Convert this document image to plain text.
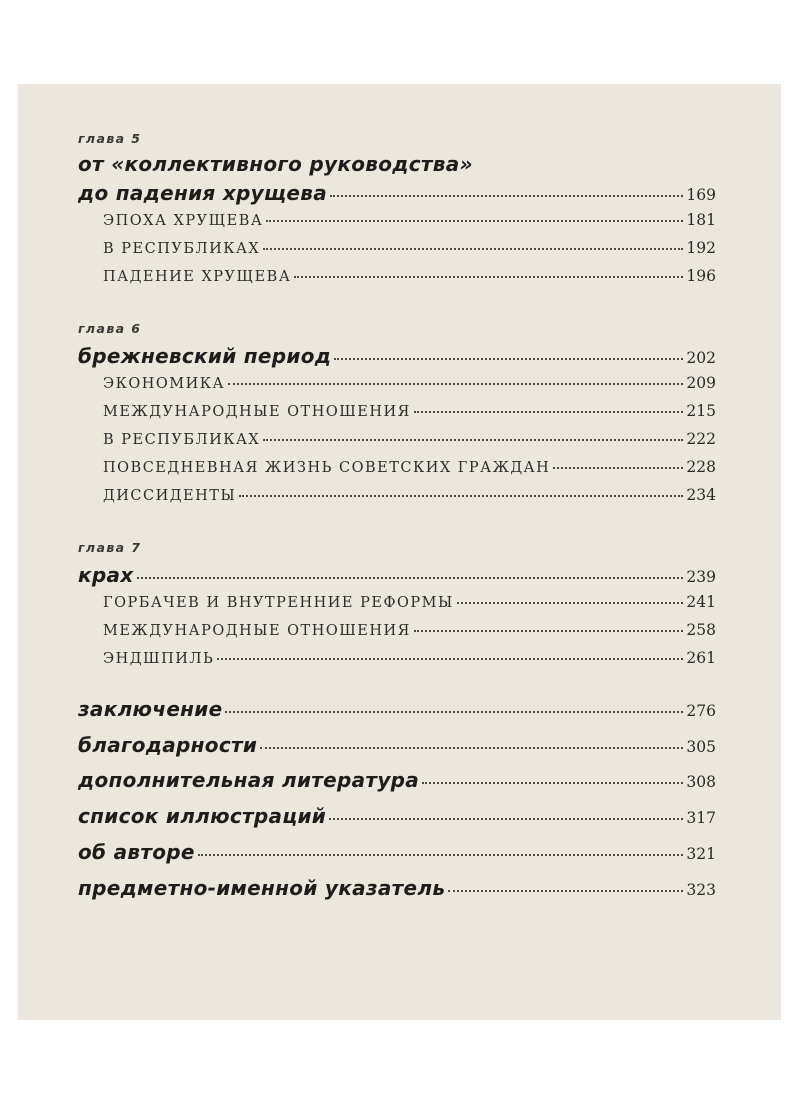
глава 5
от «коллективного руководства»
до падения хрущева	169
ЭПОХА ХРУЩЕВА	181
В РЕСПУБЛИКАХ	192
ПАДЕНИЕ ХРУЩЕВА	196
глава 6
брежневский период	202
ЭКОНОМИКА	209
МЕЖДУНАРОДНЫЕ ОТНОШЕНИЯ	215
В РЕСПУБЛИКАХ	222
ПОВСЕДНЕВНАЯ ЖИЗНЬ СОВЕТСКИХ ГРАЖДАН	228
ДИССИДЕНТЫ	234
глава 7
крах	239
ГОРБАЧЕВ И ВНУТРЕННИЕ РЕФОРМЫ	241
МЕЖДУНАРОДНЫЕ ОТНОШЕНИЯ	258
ЭНДШПИЛЬ	261
заключение	276
благодарности	305
дополнительная литература	308
список иллюстраций	317
об авторе	321
предметно-именной указатель	323
